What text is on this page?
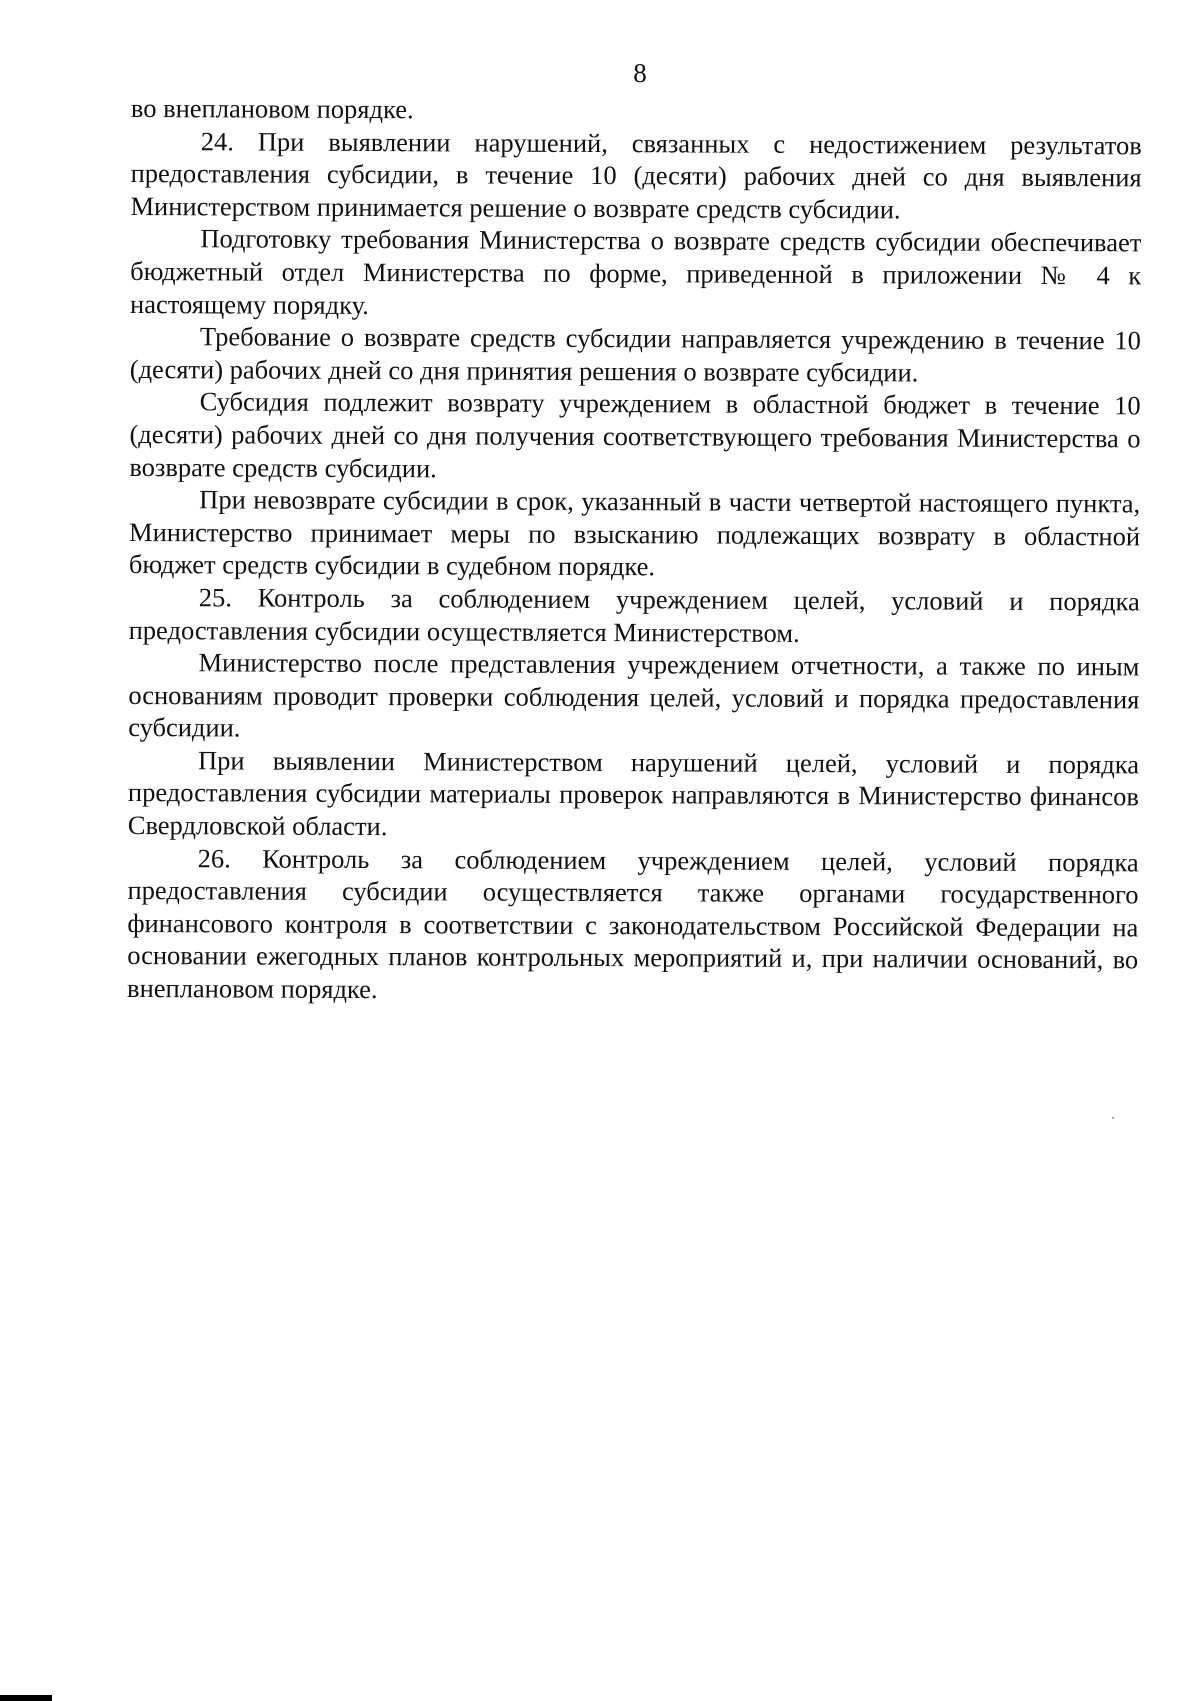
8

во внеплановом порядке.

24. При выявлении нарушений, связанных с недостижением результатов предоставления субсидии, в течение 10 (десяти) рабочих дней со дня выявления Министерством принимается решение о возврате средств субсидии.

Подготовку требования Министерства о возврате средств субсидии обеспечивает бюджетный отдел Министерства по форме, приведенной в приложении № 4 к настоящему порядку.

Требование о возврате средств субсидии направляется учреждению в течение 10 (десяти) рабочих дней со дня принятия решения о возврате субсидии.

Субсидия подлежит возврату учреждением в областной бюджет в течение 10 (десяти) рабочих дней со дня получения соответствующего требования Министерства о возврате средств субсидии.

При невозврате субсидии в срок, указанный в части четвертой настоящего пункта, Министерство принимает меры по взысканию подлежащих возврату в областной бюджет средств субсидии в судебном порядке.

25. Контроль за соблюдением учреждением целей, условий и порядка предоставления субсидии осуществляется Министерством.

Министерство после представления учреждением отчетности, а также по иным основаниям проводит проверки соблюдения целей, условий и порядка предоставления субсидии.

При выявлении Министерством нарушений целей, условий и порядка предоставления субсидии материалы проверок направляются в Министерство финансов Свердловской области.

26. Контроль за соблюдением учреждением целей, условий порядка предоставления субсидии осуществляется также органами государственного финансового контроля в соответствии с законодательством Российской Федерации на основании ежегодных планов контрольных мероприятий и, при наличии оснований, во внеплановом порядке.
